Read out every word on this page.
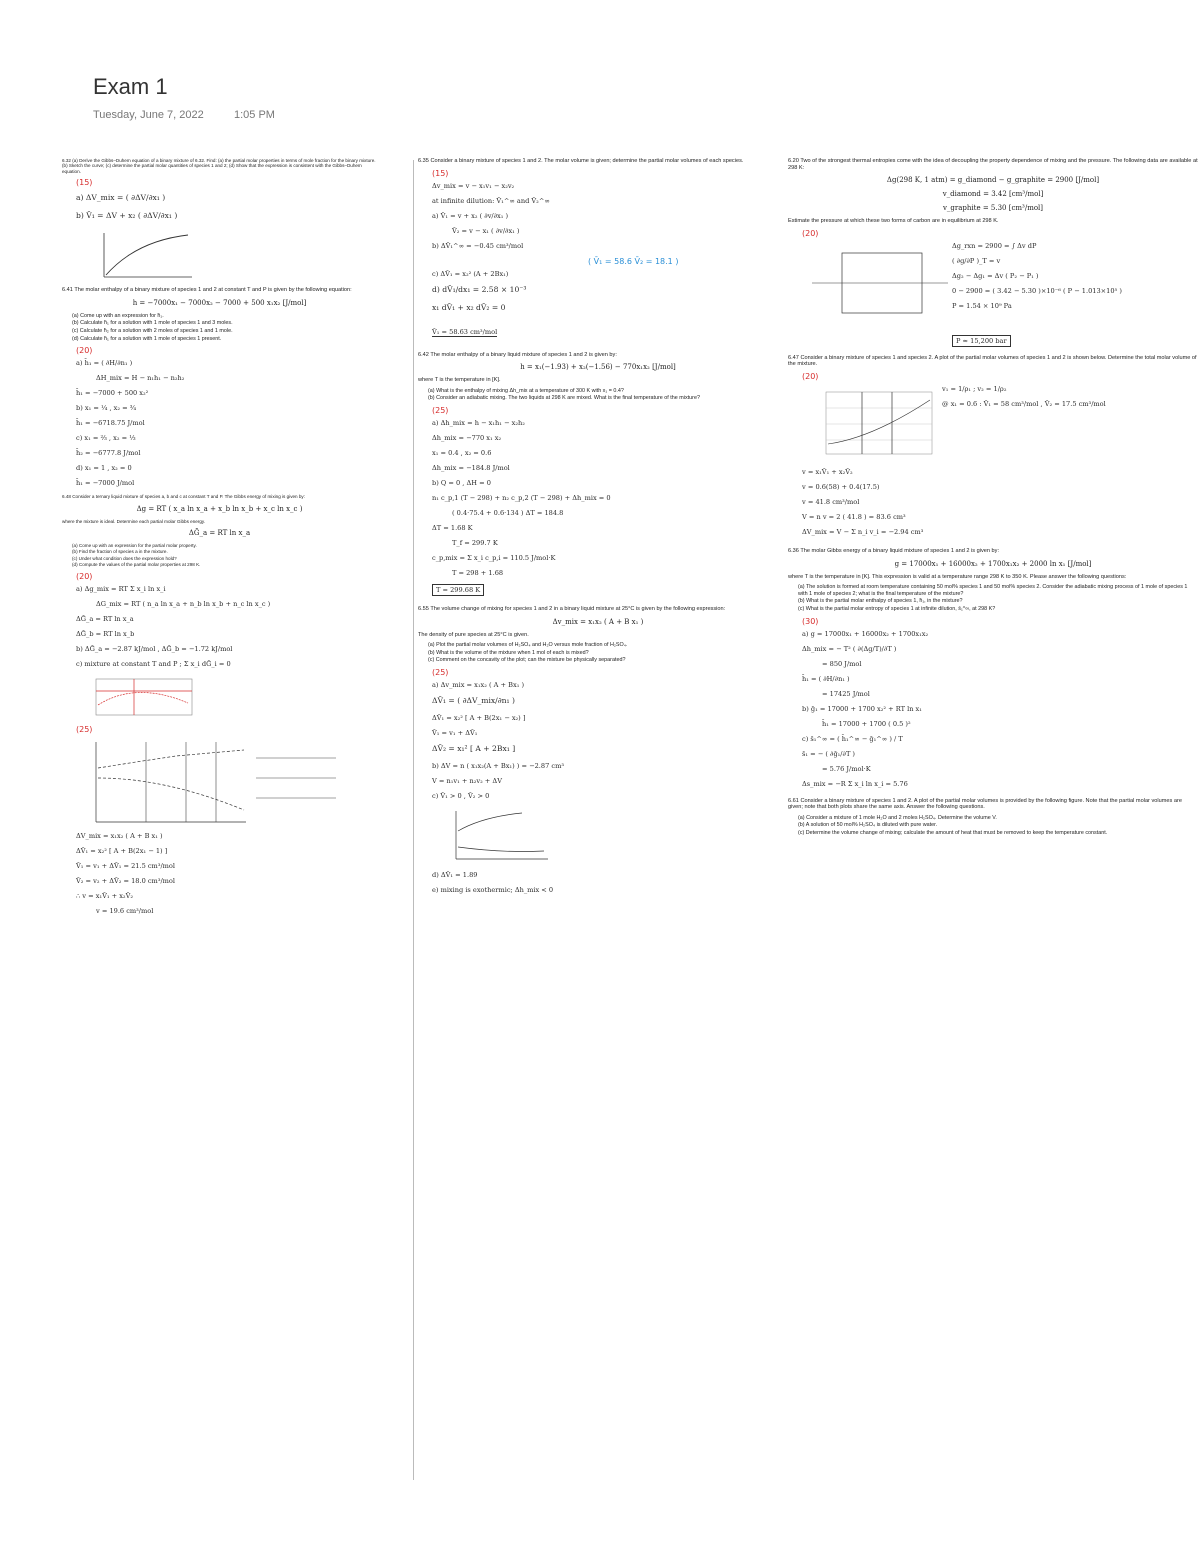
Exam 1
Tuesday, June 7, 2022	1:05 PM
6.32 (a) Derive the Gibbs–Duhem equation of a binary mixture of 6.32. Find: (a) the partial molar properties in terms of mole fraction for the binary mixture. (b) Sketch the curve; (c) determine the partial molar quantities of species 1 and 2; (d) Show that the expression is consistent with the Gibbs–Duhem equation.
(15)
a) ΔV_mix = ( ∂ΔV/∂x₁ )
b) V̄₁ = ΔV + x₂ ( ∂ΔV/∂x₁ )
6.41 The molar enthalpy of a binary mixture of species 1 and 2 at constant T and P is given by the following equation:
h = −7000x₁ − 7000x₂ − 7000 + 500 x₁x₂ [J/mol]
(a) Come up with an expression for h̄₁.
(b) Calculate h̄₁ for a solution with 1 mole of species 1 and 3 moles.
(c) Calculate h̄₂ for a solution with 2 moles of species 1 and 1 mole.
(d) Calculate h̄₁ for a solution with 1 mole of species 1 present.
(20)
a) h̄₁ = ( ∂H/∂n₁ )
ΔH_mix = H − n₁h₁ − n₂h₂
h̄₁ = −7000 + 500 x₂²
b) x₁ = ¼ , x₂ = ¾
h̄₁ = −6718.75 J/mol
c) x₁ = ⅔ , x₂ = ⅓
h̄₂ = −6777.8 J/mol
d) x₁ = 1 , x₂ = 0
h̄₁ = −7000 J/mol
6.48 Consider a ternary liquid mixture of species a, b and c at constant T and P. The Gibbs energy of mixing is given by:
Δg = RT ( x_a ln x_a + x_b ln x_b + x_c ln x_c )
where the mixture is ideal. Determine each partial molar Gibbs energy.
ΔḠ_a = RT ln x_a
(a) Come up with an expression for the partial molar property.
(b) Find the fraction of species a in the mixture.
(c) Under what condition does the expression hold?
(d) Compute the values of the partial molar properties at 298 K.
(20)
a) Δg_mix = RT Σ x_i ln x_i
ΔG_mix = RT ( n_a ln x_a + n_b ln x_b + n_c ln x_c )
ΔḠ_a = RT ln x_a
ΔḠ_b = RT ln x_b
b) ΔḠ_a = −2.87 kJ/mol , ΔḠ_b = −1.72 kJ/mol
c) mixture at constant T and P ; Σ x_i dḠ_i = 0
(25)
ΔV_mix = x₁x₂ ( A + B x₁ )
ΔV̄₁ = x₂² [ A + B(2x₁ − 1) ]
V̄₁ = v₁ + ΔV̄₁ = 21.5 cm³/mol
V̄₂ = v₂ + ΔV̄₂ = 18.0 cm³/mol
∴ v = x₁V̄₁ + x₂V̄₂
v = 19.6 cm³/mol
6.35 Consider a binary mixture of species 1 and 2. The molar volume is given; determine the partial molar volumes of each species.
(15)
Δv_mix = v − x₁v₁ − x₂v₂
at infinite dilution: V̄₁^∞ and V̄₂^∞
a) V̄₁ = v + x₂ ( ∂v/∂x₁ )
V̄₂ = v − x₁ ( ∂v/∂x₁ )
b) ΔV̄₁^∞ = −0.45 cm³/mol
( V̄₁ = 58.6 V̄₂ = 18.1 )
c) ΔV̄₁ = x₂² (A + 2Bx₁)
d) dV̄₁/dx₁ = 2.58 × 10⁻³
x₁ dV̄₁ + x₂ dV̄₂ = 0
V̄₁ = 58.63 cm³/mol
6.42 The molar enthalpy of a binary liquid mixture of species 1 and 2 is given by:
h = x₁(−1.93) + x₂(−1.56) − 770x₁x₂ [J/mol]
where T is the temperature in [K].
(a) What is the enthalpy of mixing Δh_mix at a temperature of 300 K with x₁ = 0.4?
(b) Consider an adiabatic mixing. The two liquids at 298 K are mixed. What is the final temperature of the mixture?
(25)
a) Δh_mix = h − x₁h₁ − x₂h₂
Δh_mix = −770 x₁ x₂
x₁ = 0.4 , x₂ = 0.6
Δh_mix = −184.8 J/mol
b) Q = 0 , ΔH = 0
n₁ c_p,1 (T − 298) + n₂ c_p,2 (T − 298) + Δh_mix = 0
( 0.4·75.4 + 0.6·134 ) ΔT = 184.8
ΔT = 1.68 K
T_f = 299.7 K
c_p,mix = Σ x_i c_p,i = 110.5 J/mol·K
T = 298 + 1.68
T = 299.68 K
6.55 The volume change of mixing for species 1 and 2 in a binary liquid mixture at 25°C is given by the following expression:
Δv_mix = x₁x₂ ( A + B x₁ )
The density of pure species at 25°C is given.
(a) Plot the partial molar volumes of H₂SO₄ and H₂O versus mole fraction of H₂SO₄.
(b) What is the volume of the mixture when 1 mol of each is mixed?
(c) Comment on the concavity of the plot; can the mixture be physically separated?
(25)
a) Δv_mix = x₁x₂ ( A + Bx₁ )
ΔV̄₁ = ( ∂ΔV_mix/∂n₁ )
ΔV̄₁ = x₂² [ A + B(2x₁ − x₂) ]
V̄₁ = v₁ + ΔV̄₁
ΔV̄₂ = x₁² [ A + 2Bx₁ ]
b) ΔV = n ( x₁x₂(A + Bx₁) ) = −2.87 cm³
V = n₁v₁ + n₂v₂ + ΔV
c) V̄₁ > 0 , V̄₂ > 0
d) ΔV̄₁ = 1.89
e) mixing is exothermic; Δh_mix < 0
6.20 Two of the strongest thermal entropies come with the idea of decoupling the property dependence of mixing and the pressure. The following data are available at 298 K:
Δg(298 K, 1 atm) = g_diamond − g_graphite = 2900 [J/mol]
v_diamond = 3.42 [cm³/mol]
v_graphite = 5.30 [cm³/mol]
Estimate the pressure at which these two forms of carbon are in equilibrium at 298 K.
(20)
Δg_rxn = 2900 = ∫ Δv dP
( ∂g/∂P )_T = v
Δg₂ − Δg₁ = Δv ( P₂ − P₁ )
0 − 2900 = ( 3.42 − 5.30 )×10⁻⁶ ( P − 1.013×10⁵ )
P = 1.54 × 10⁹ Pa
P ≈ 15,200 bar
6.47 Consider a binary mixture of species 1 and species 2. A plot of the partial molar volumes of species 1 and 2 is shown below. Determine the total molar volume of the mixture.
(20)
v₁ = 1/ρ₁ ; v₂ = 1/ρ₂
@ x₁ = 0.6 : V̄₁ = 58 cm³/mol , V̄₂ = 17.5 cm³/mol
v = x₁V̄₁ + x₂V̄₂
v = 0.6(58) + 0.4(17.5)
v = 41.8 cm³/mol
V = n v = 2 ( 41.8 ) = 83.6 cm³
ΔV_mix = V − Σ n_i v_i = −2.94 cm³
6.36 The molar Gibbs energy of a binary liquid mixture of species 1 and 2 is given by:
g = 17000x₁ + 16000x₂ + 1700x₁x₂ + 2000 ln x₁ [J/mol]
where T is the temperature in [K]. This expression is valid at a temperature range 298 K to 350 K. Please answer the following questions:
(a) The solution is formed at room temperature containing 50 mol% species 1 and 50 mol% species 2. Consider the adiabatic mixing process of 1 mole of species 1 with 1 mole of species 2; what is the final temperature of the mixture?
(b) What is the partial molar enthalpy of species 1, h̄₁, in the mixture?
(c) What is the partial molar entropy of species 1 at infinite dilution, s̄₁^∞, at 298 K?
(30)
a) g = 17000x₁ + 16000x₂ + 1700x₁x₂
Δh_mix = − T² ( ∂(Δg/T)/∂T )
= 850 J/mol
h̄₁ = ( ∂H/∂n₁ )
= 17425 J/mol
b) ḡ₁ = 17000 + 1700 x₂² + RT ln x₁
h̄₁ = 17000 + 1700 ( 0.5 )²
c) s̄₁^∞ = ( h̄₁^∞ − ḡ₁^∞ ) / T
s̄₁ = − ( ∂ḡ₁/∂T )
= 5.76 J/mol·K
Δs_mix = −R Σ x_i ln x_i = 5.76
6.61 Consider a binary mixture of species 1 and 2. A plot of the partial molar volumes is provided by the following figure. Note that the partial molar volumes are given; note that both plots share the same axis. Answer the following questions.
(a) Consider a mixture of 1 mole H₂O and 2 moles H₂SO₄. Determine the volume V.
(b) A solution of 50 mol% H₂SO₄ is diluted with pure water.
(c) Determine the volume change of mixing; calculate the amount of heat that must be removed to keep the temperature constant.
